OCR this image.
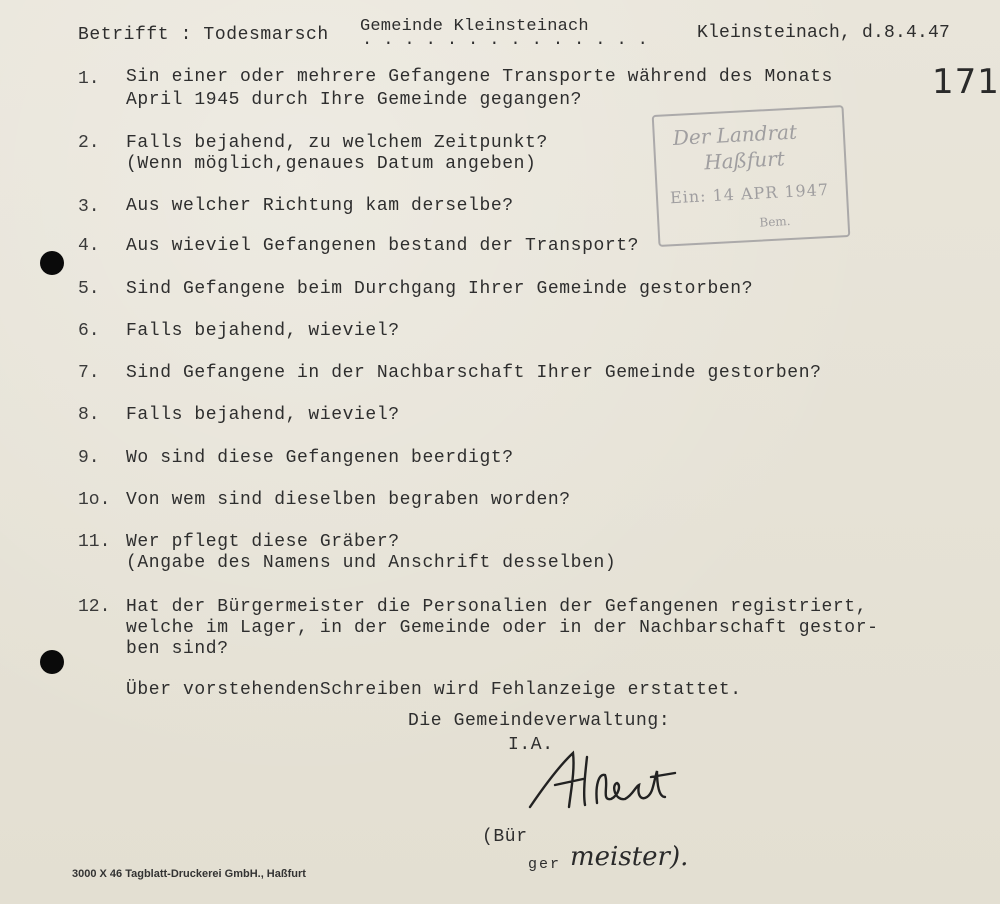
Betrifft : Todesmarsch Gemeinde Kleinsteinach
. . . . . . . . . . . . . .	Kleinsteinach, d.8.4.47
171
Der Landrat
Haßfurt
Ein: 14 APR 1947
Bem.
1. Sin einer oder mehrere Gefangene Transporte während des Monats
April 1945 durch Ihre Gemeinde gegangen?
2. Falls bejahend, zu welchem Zeitpunkt?
(Wenn möglich,genaues Datum angeben)
3. Aus welcher Richtung kam derselbe?
4. Aus wieviel Gefangenen bestand der Transport?
5. Sind Gefangene beim Durchgang Ihrer Gemeinde gestorben?
6. Falls bejahend, wieviel?
7. Sind Gefangene in der Nachbarschaft Ihrer Gemeinde gestorben?
8. Falls bejahend, wieviel?
9. Wo sind diese Gefangenen beerdigt?
1o. Von wem sind dieselben begraben worden?
11. Wer pflegt diese Gräber?
(Angabe des Namens und Anschrift desselben)
12. Hat der Bürgermeister die Personalien der Gefangenen registriert,
welche im Lager, in der Gemeinde oder in der Nachbarschaft gestor-
ben sind?
Über vorstehendenSchreiben wird Fehlanzeige erstattet.
Die Gemeindeverwaltung:
I.A.
(Bür
ger meister).
3000 X 46 Tagblatt-Druckerei GmbH., Haßfurt
